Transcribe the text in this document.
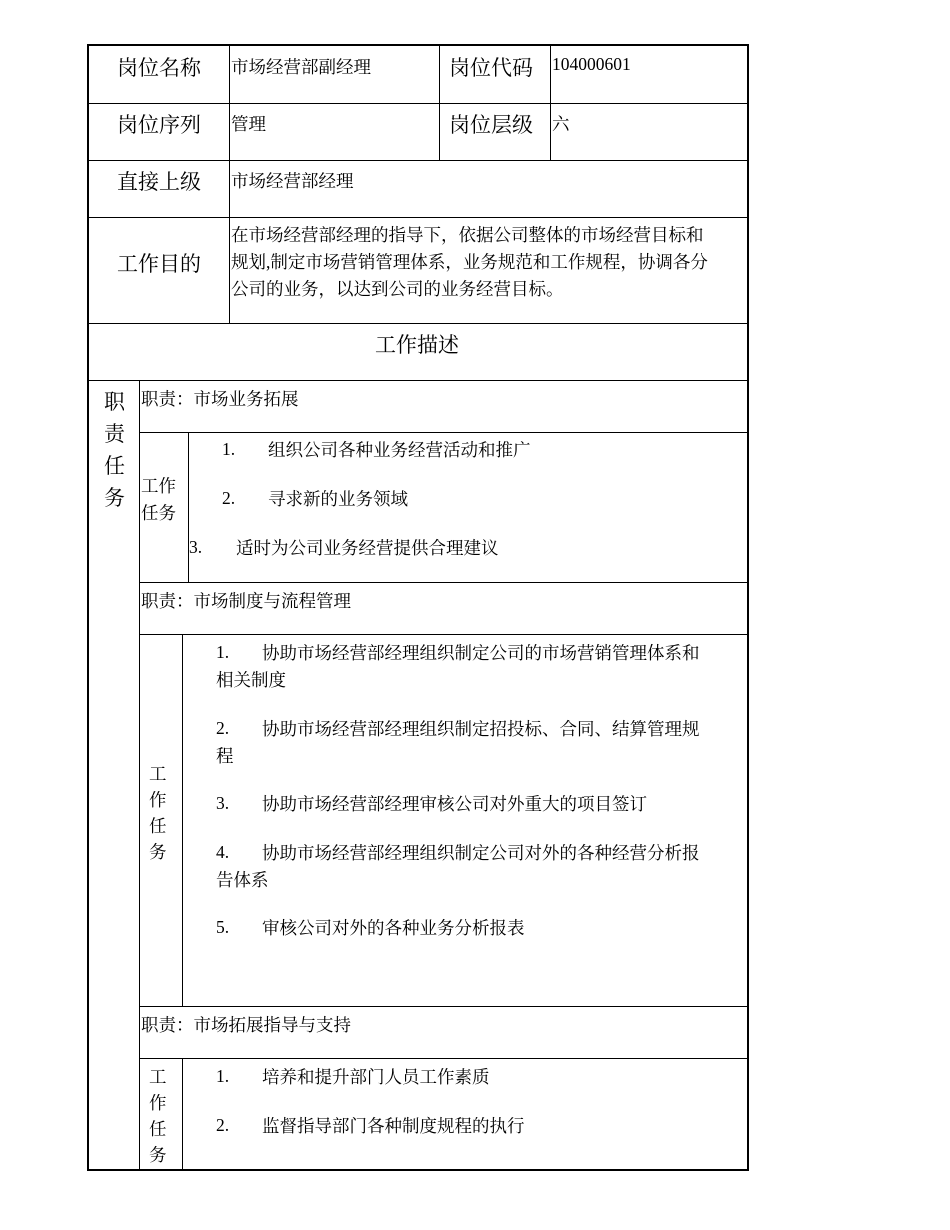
岗位名称 市场经营部副经理	岗位代码 104000601
岗位序列 管理	岗位层级 六
直接上级 市场经营部经理
工作目的
在市场经营部经理的指导下，依据公司整体的市场经营目标和
规划,制定市场营销管理体系，业务规范和工作规程，协调各分
公司的业务，以达到公司的业务经营目标。
工作描述
职
责
任
务
职责：市场业务拓展
工作
任务
1. 组织公司各种业务经营活动和推广
2. 寻求新的业务领域
3. 适时为公司业务经营提供合理建议
职责：市场制度与流程管理
工
作
任
务
1. 协助市场经营部经理组织制定公司的市场营销管理体系和
相关制度
2. 协助市场经营部经理组织制定招投标、合同、结算管理规
程
3. 协助市场经营部经理审核公司对外重大的项目签订
4. 协助市场经营部经理组织制定公司对外的各种经营分析报
告体系
5. 审核公司对外的各种业务分析报表
职责：市场拓展指导与支持
工
作
任
务
1. 培养和提升部门人员工作素质
2. 监督指导部门各种制度规程的执行
